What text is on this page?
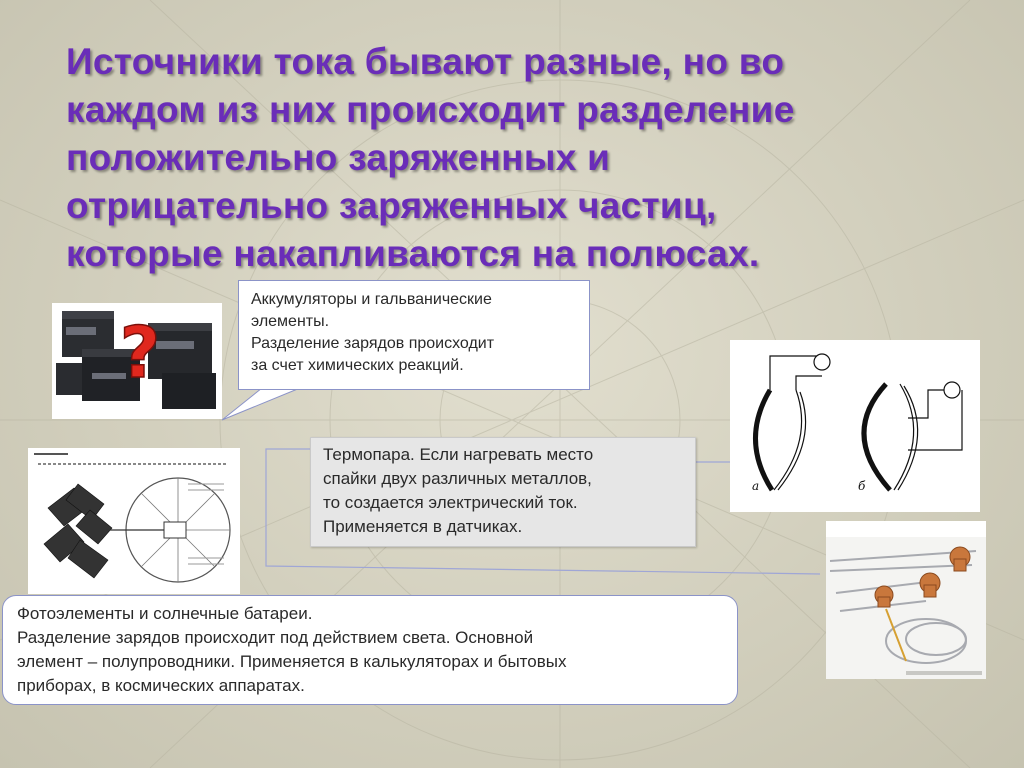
Источники тока бывают разные, но во
каждом из них происходит разделение
положительно заряженных и
отрицательно заряженных частиц,
которые накапливаются на полюсах.
?
а	б
Аккумуляторы и гальванические
элементы.
Разделение зарядов происходит
за счет химических реакций.
Термопара. Если нагревать место
спайки двух различных металлов,
то создается электрический ток.
Применяется в датчиках.
Фотоэлементы и солнечные батареи.
Разделение зарядов происходит под действием света. Основной
элемент – полупроводники. Применяется в калькуляторах и бытовых
приборах, в космических аппаратах.
